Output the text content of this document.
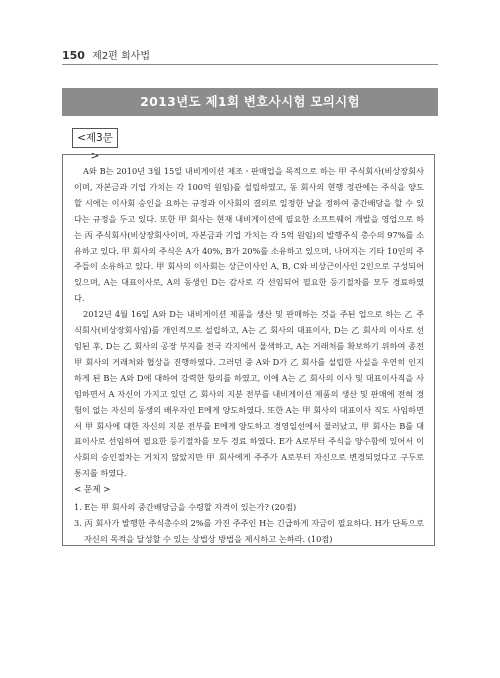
150 제2편 회사법
2013년도 제1회 변호사시험 모의시험
<제3문>

A와 B는 2010년 3월 15일 내비게이션 제조ㆍ판매업을 목적으로 하는 甲 주식회사(비상장회사이며, 자본금과 기업 가치는 각 100억 원임)를 설립하였고, 동 회사의 현행 정관에는 주식을 양도할 시에는 이사회 승인을 요하는 규정과 이사회의 결의로 일정한 날을 정하여 중간배당을 할 수 있다는 규정을 두고 있다. 또한 甲 회사는 현재 내비게이션에 필요한 소프트웨어 개발을 영업으로 하는 丙 주식회사(비상장회사이며, 자본금과 기업 가치는 각 5억 원임)의 발행주식 총수의 97%를 소유하고 있다. 甲 회사의 주식은 A가 40%, B가 20%를 소유하고 있으며, 나머지는 기타 10인의 주주들이 소유하고 있다. 甲 회사의 이사회는 상근이사인 A, B, C와 비상근이사인 2인으로 구성되어 있으며, A는 대표이사로, A의 동생인 D는 감사로 각 선임되어 필요한 등기절차를 모두 경료하였다.

2012년 4월 16일 A와 D는 내비게이션 제품을 생산 및 판매하는 것을 주된 업으로 하는 乙 주식회사(비상장회사임)를 개인적으로 설립하고, A는 乙 회사의 대표이사, D는 乙 회사의 이사로 선임된 후, D는 乙 회사의 공장 부지를 전국 각지에서 물색하고, A는 거래처를 확보하기 위하여 종전 甲 회사의 거래처와 협상을 진행하였다. 그러던 중 A와 D가 乙 회사를 설립한 사실을 우연히 인지하게 된 B는 A와 D에 대하여 강력한 항의를 하였고, 이에 A는 乙 회사의 이사 및 대표이사직을 사임하면서 A 자신이 가지고 있던 乙 회사의 지분 전부를 내비게이션 제품의 생산 및 판매에 전혀 경험이 없는 자신의 동생의 배우자인 E에게 양도하였다. 또한 A는 甲 회사의 대표이사 직도 사임하면서 甲 회사에 대한 자신의 지분 전부를 E에게 양도하고 경영일선에서 물러났고, 甲 회사는 B를 대표이사로 선임하여 필요한 등기절차를 모두 경료 하였다. E가 A로부터 주식을 양수함에 있어서 이사회의 승인절차는 거치지 않았지만 甲 회사에게 주주가 A로부터 자신으로 변경되었다고 구두로 통지를 하였다.

< 문제 >

1. E는 甲 회사의 중간배당금을 수령할 자격이 있는가? (20점)

3. 丙 회사가 발행한 주식총수의 2%를 가진 주주인 H는 긴급하게 자금이 필요하다. H가 단독으로 자신의 목적을 달성할 수 있는 상법상 방법을 제시하고 논하라. (10점)
